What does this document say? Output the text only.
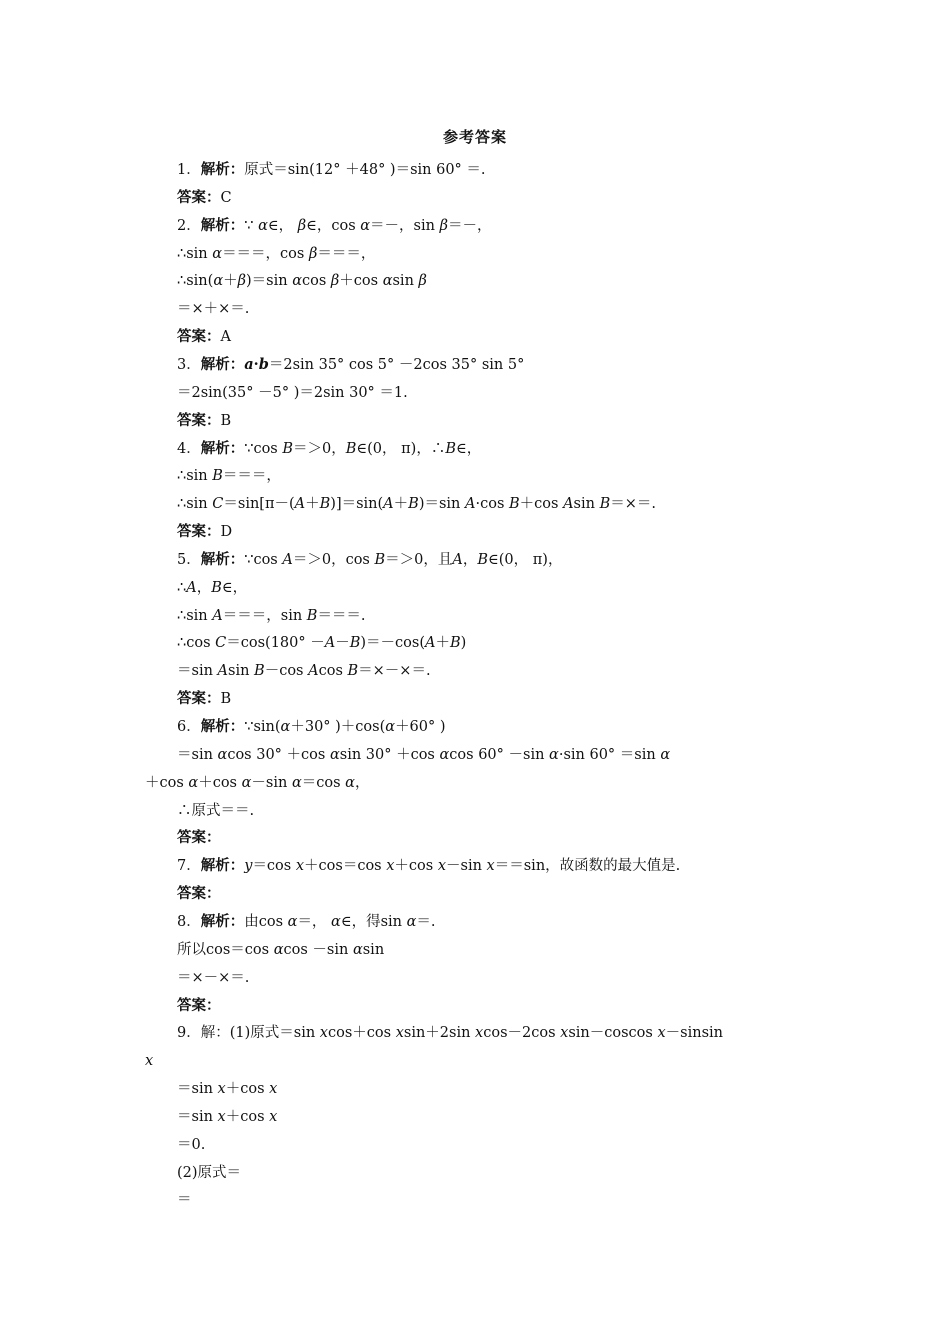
参考答案
1．解析：原式＝sin(12° ＋48° )＝sin 60° ＝.
答案：C
2．解析：∵ α∈， β∈，cos α＝－，sin β＝－，
∴sin α＝＝＝，cos β＝＝＝，
∴sin(α＋β)＝sin αcos β＋cos αsin β
＝×＋×＝.
答案：A
3．解析：a·b＝2sin 35° cos 5° －2cos 35° sin 5°
＝2sin(35° －5° )＝2sin 30° ＝1.
答案：B
4．解析：∵cos B＝＞0，B∈(0， π)，∴B∈，
∴sin B＝＝＝，
∴sin C＝sin[π－(A＋B)]＝sin(A＋B)＝sin A·cos B＋cos Asin B＝×＝.
答案：D
5．解析：∵cos A＝＞0，cos B＝＞0，且A，B∈(0， π)，
∴A，B∈，
∴sin A＝＝＝，sin B＝＝＝.
∴cos C＝cos(180° －A－B)＝－cos(A＋B)
＝sin Asin B－cos Acos B＝×－×＝.
答案：B
6．解析：∵sin(α＋30° )＋cos(α＋60° )
＝sin αcos 30° ＋cos αsin 30° ＋cos αcos 60° －sin α·sin 60° ＝sin α
＋cos α＋cos α－sin α＝cos α，
∴原式＝＝.
答案：
7．解析：y＝cos x＋cos＝cos x＋cos x－sin x＝＝sin，故函数的最大值是.
答案：
8．解析：由cos α＝， α∈，得sin α＝.
所以cos＝cos αcos －sin αsin
＝×－×＝.
答案：
9．解：(1)原式＝sin xcos＋cos xsin＋2sin xcos－2cos xsin－coscos x－sinsin
x
＝sin x＋cos x
＝sin x＋cos x
＝0.
(2)原式＝
＝
